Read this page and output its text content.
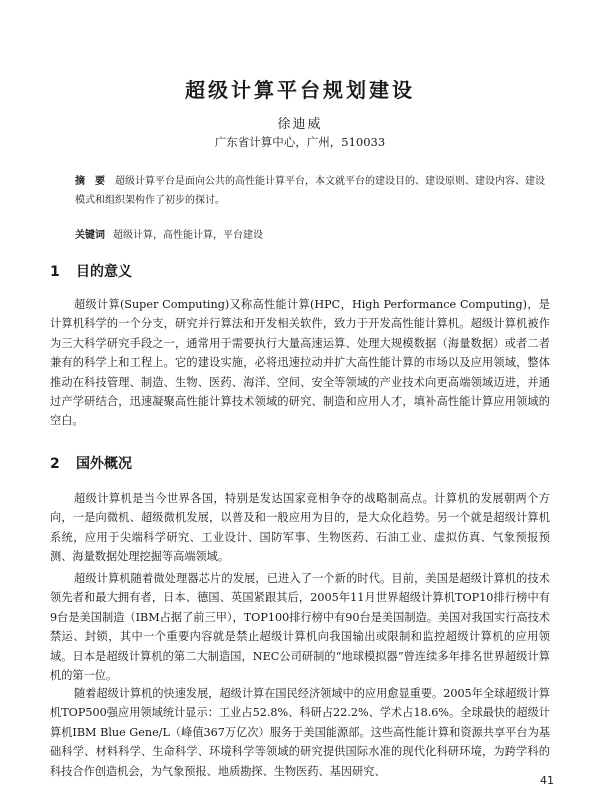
超级计算平台规划建设
徐迪威
广东省计算中心，广州，510033
摘　要 超级计算平台是面向公共的高性能计算平台，本文就平台的建设目的、建设原则、建设内容、建设模式和组织架构作了初步的探讨。
关键词 超级计算，高性能计算，平台建设
1 目的意义

超级计算(Super Computing)又称高性能计算(HPC，High Performance Computing)，是计算机科学的一个分支，研究并行算法和开发相关软件，致力于开发高性能计算机。超级计算机被作为三大科学研究手段之一，通常用于需要执行大量高速运算、处理大规模数据（海量数据）或者二者兼有的科学上和工程上。它的建设实施，必将迅速拉动并扩大高性能计算的市场以及应用领域，整体推动在科技管理、制造、生物、医药、海洋、空间、安全等领域的产业技术向更高端领域迈进，并通过产学研结合，迅速凝聚高性能计算技术领域的研究、制造和应用人才，填补高性能计算应用领域的空白。

2 国外概况

超级计算机是当今世界各国，特别是发达国家竞相争夺的战略制高点。计算机的发展朝两个方向，一是向微机、超级微机发展，以普及和一般应用为目的，是大众化趋势。另一个就是超级计算机系统，应用于尖端科学研究、工业设计、国防军事、生物医药、石油工业、虚拟仿真、气象预报预测、海量数据处理挖掘等高端领域。

超级计算机随着微处理器芯片的发展，已进入了一个新的时代。目前，美国是超级计算机的技术领先者和最大拥有者，日本、德国、英国紧跟其后，2005年11月世界超级计算机TOP10排行榜中有9台是美国制造（IBM占据了前三甲），TOP100排行榜中有90台是美国制造。美国对我国实行高技术禁运、封锁，其中一个重要内容就是禁止超级计算机向我国输出或限制和监控超级计算机的应用领域。日本是超级计算机的第二大制造国，NEC公司研制的“地球模拟器”曾连续多年排名世界超级计算机的第一位。

随着超级计算机的快速发展，超级计算在国民经济领域中的应用愈显重要。2005年全球超级计算机TOP500强应用领域统计显示：工业占52.8%、科研占22.2%、学术占18.6%。全球最快的超级计算机IBM Blue Gene/L（峰值367万亿次）服务于美国能源部。这些高性能计算和资源共享平台为基础科学、材料科学、生命科学、环境科学等领域的研究提供国际水准的现代化科研环境，为跨学科的科技合作创造机会，为气象预报、地质勘探、生物医药、基因研究、

41
